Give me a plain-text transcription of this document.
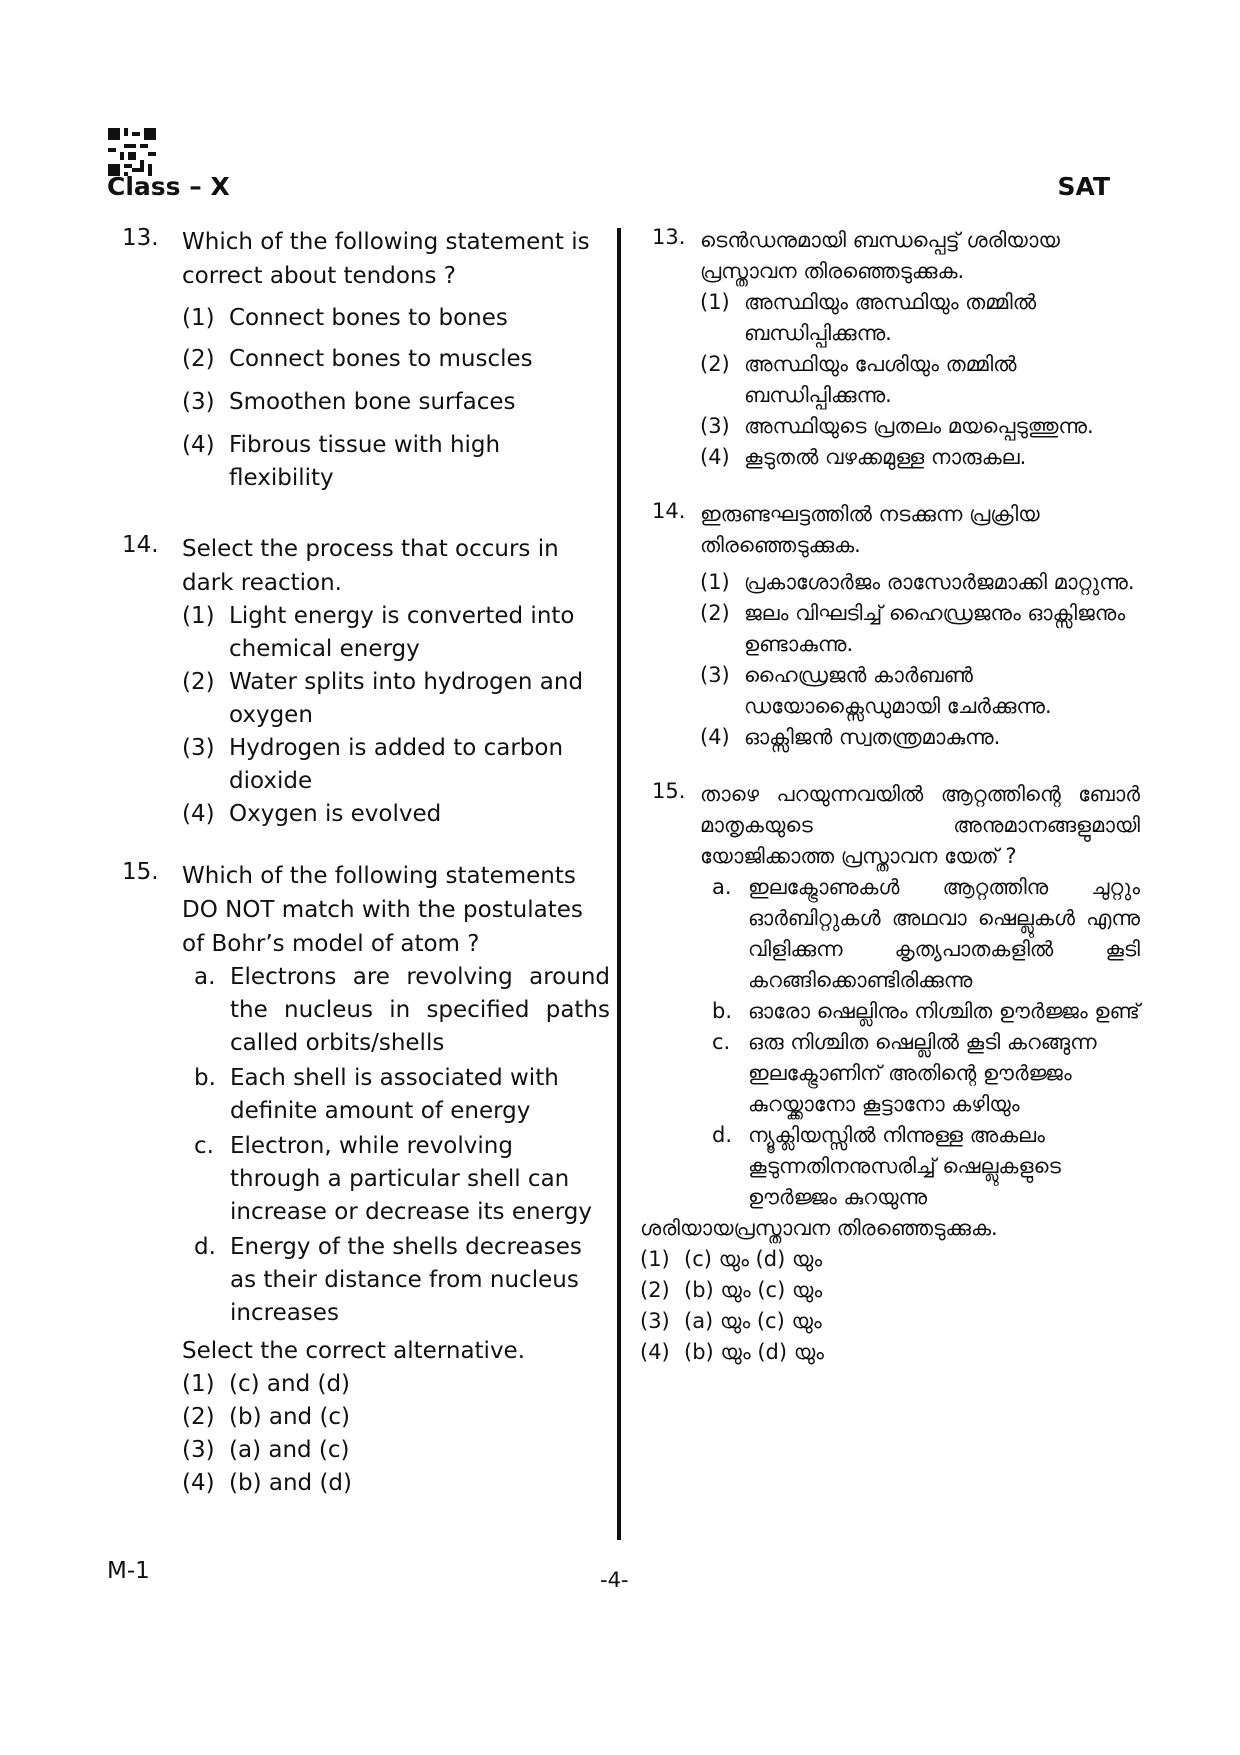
Class – X	SAT
13. Which of the following statement is correct about tendons ?
(1) Connect bones to bones
(2) Connect bones to muscles
(3) Smoothen bone surfaces
(4) Fibrous tissue with high flexibility
14. Select the process that occurs in dark reaction.
(1) Light energy is converted into chemical energy
(2) Water splits into hydrogen and oxygen
(3) Hydrogen is added to carbon dioxide
(4) Oxygen is evolved
15. Which of the following statements DO NOT match with the postulates of Bohr’s model of atom ?
a. Electrons are revolving around the nucleus in specified paths called orbits/shells
b. Each shell is associated with definite amount of energy
c. Electron, while revolving through a particular shell can increase or decrease its energy
d. Energy of the shells decreases as their distance from nucleus increases
Select the correct alternative.
(1) (c) and (d)
(2) (b) and (c)
(3) (a) and (c)
(4) (b) and (d)
13. ടെൻഡനുമായി ബന്ധപ്പെട്ട് ശരിയായ പ്രസ്താവന തിരഞ്ഞെടുക്കുക.
(1) അസ്ഥിയും അസ്ഥിയും തമ്മിൽ ബന്ധിപ്പിക്കുന്നു.
(2) അസ്ഥിയും പേശിയും തമ്മിൽ ബന്ധിപ്പിക്കുന്നു.
(3) അസ്ഥിയുടെ പ്രതലം മയപ്പെടുത്തുന്നു.
(4) കൂടുതൽ വഴക്കമുള്ള നാരുകല.
14. ഇരുണ്ടഘട്ടത്തിൽ നടക്കുന്ന പ്രക്രിയ തിരഞ്ഞെടുക്കുക.
(1) പ്രകാശോർജം രാസോർജമാക്കി മാറ്റുന്നു.
(2) ജലം വിഘടിച്ച് ഹൈഡ്രജനും ഓക്സിജനും ഉണ്ടാകുന്നു.
(3) ഹൈഡ്രജൻ കാർബൺ ഡയോക്സൈഡുമായി ചേർക്കുന്നു.
(4) ഓക്സിജൻ സ്വതന്ത്രമാകുന്നു.
15. താഴെ പറയുന്നവയിൽ ആറ്റത്തിന്റെ ബോർ മാതൃകയുടെ അനുമാനങ്ങളുമായി യോജിക്കാത്ത പ്രസ്താവന യേത് ?
a. ഇലക്ട്രോണുകൾ ആറ്റത്തിനു ചുറ്റും ഓർബിറ്റുകൾ അഥവാ ഷെല്ലുകൾ എന്നു വിളിക്കുന്ന കൃത്യപാതകളിൽ കൂടി കറങ്ങിക്കൊണ്ടിരിക്കുന്നു
b. ഓരോ ഷെല്ലിനും നിശ്ചിത ഊർജ്ജം ഉണ്ട്
c. ഒരു നിശ്ചിത ഷെല്ലിൽ കൂടി കറങ്ങുന്ന ഇലക്ട്രോണിന് അതിന്റെ ഊർജ്ജം കുറയ്ക്കാനോ കൂട്ടാനോ കഴിയും
d. ന്യൂക്ലിയസ്സിൽ നിന്നുള്ള അകലം കൂടുന്നതിനനുസരിച്ച് ഷെല്ലുകളുടെ ഊർജ്ജം കുറയുന്നു
ശരിയായപ്രസ്താവന തിരഞ്ഞെടുക്കുക.
(1) (c) യും (d) യും
(2) (b) യും (c) യും
(3) (a) യും (c) യും
(4) (b) യും (d) യും
M-1	-4-
